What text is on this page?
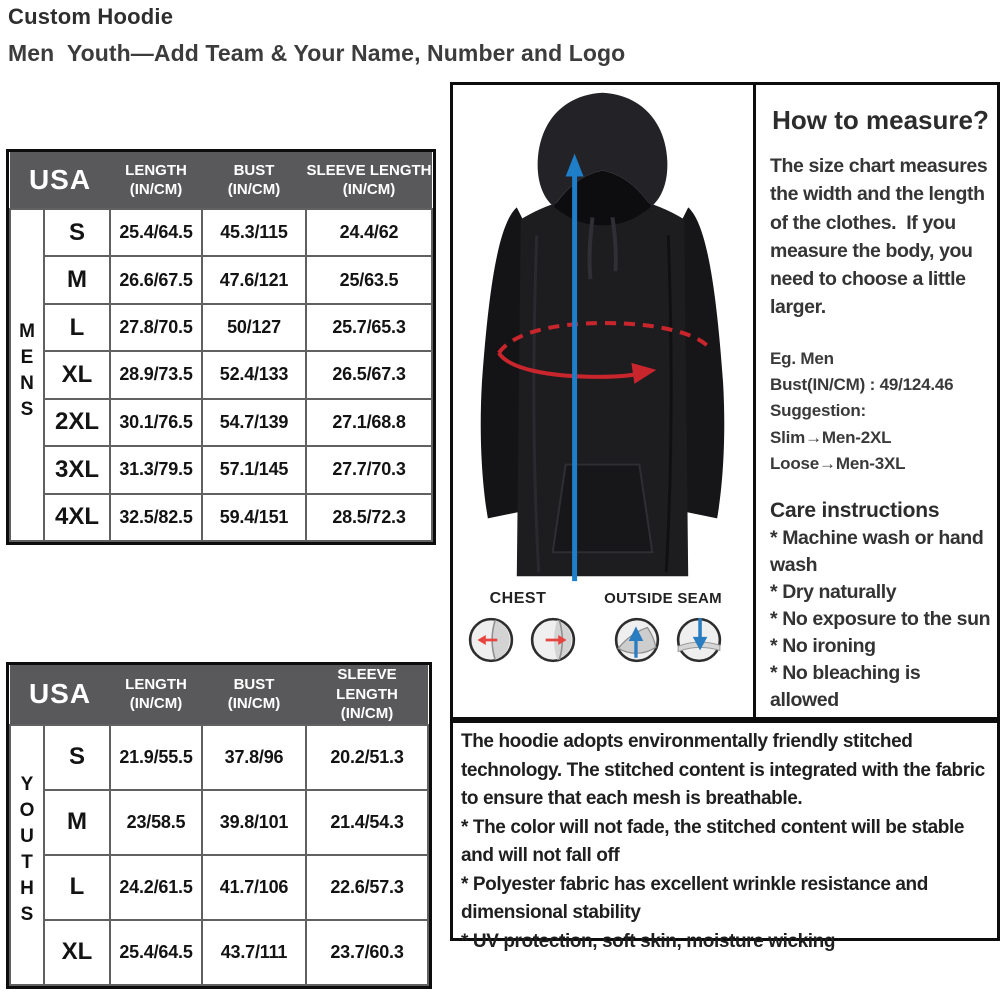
Custom Hoodie
Men  Youth—Add Team & Your Name, Number and Logo
USA	LENGTH
(IN/CM)

BUST
(IN/CM)

SLEEVE LENGTH
(IN/CM)

MENS	S	25.4/64.5	45.3/115	24.4/62
	M	26.6/67.5	47.6/121	25/63.5
	L	27.8/70.5	50/127	25.7/65.3
	XL	28.9/73.5	52.4/133	26.5/67.3
	2XL	30.1/76.5	54.7/139	27.1/68.8
	3XL	31.3/79.5	57.1/145	27.7/70.3
	4XL	32.5/82.5	59.4/151	28.5/72.3
USA	LENGTH
(IN/CM)

BUST
(IN/CM)

SLEEVE LENGTH
(IN/CM)

YOUTHS	S	21.9/55.5	37.8/96	20.2/51.3
	M	23/58.5	39.8/101	21.4/54.3
	L	24.2/61.5	41.7/106	22.6/57.3
	XL	25.4/64.5	43.7/111	23.7/60.3
CHEST	OUTSIDE SEAM
How to measure?
The size chart measures the width and the length of the clothes.  If you measure the body, you need to choose a little larger.
Eg. Men
Bust(IN/CM) : 49/124.46
Suggestion:
Slim→Men-2XL
Loose→Men-3XL
Care instructions
* Machine wash or hand wash
* Dry naturally
* No exposure to the sun
* No ironing
* No bleaching is allowed

The hoodie adopts environmentally friendly stitched technology. The stitched content is integrated with the fabric to ensure that each mesh is breathable.

* The color will not fade, the stitched content will be stable and will not fall off

* Polyester fabric has excellent wrinkle resistance and dimensional stability

* UV protection, soft skin, moisture wicking
